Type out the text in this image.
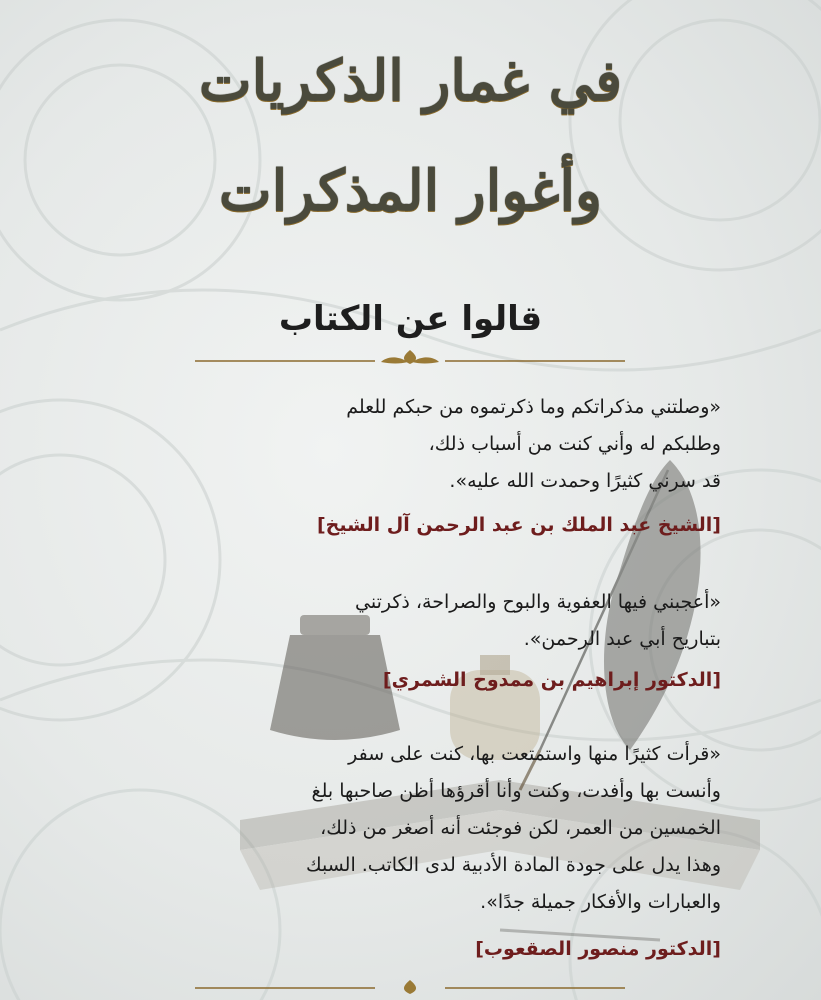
في غمار الذكريات
وأغوار المذكرات
قالوا عن الكتاب

«وصلتني مذكراتكم وما ذكرتموه من حبكم للعلم

وطلبكم له وأني كنت من أسباب ذلك،

قد سرني كثيرًا وحمدت الله عليه».

[الشيخ عبد الملك بن عبد الرحمن آل الشيخ]

«أعجبني فيها العفوية والبوح والصراحة، ذكرتني

بتباريح أبي عبد الرحمن».

[الدكتور إبراهيم بن ممدوح الشمري]

«قرأت كثيرًا منها واستمتعت بها، كنت على سفر

وأنست بها وأفدت، وكنت وأنا أقرؤها أظن صاحبها بلغ

الخمسين من العمر، لكن فوجئت أنه أصغر من ذلك،

وهذا يدل على جودة المادة الأدبية لدى الكاتب. السبك

والعبارات والأفكار جميلة جدًا».

[الدكتور منصور الصقعوب]
